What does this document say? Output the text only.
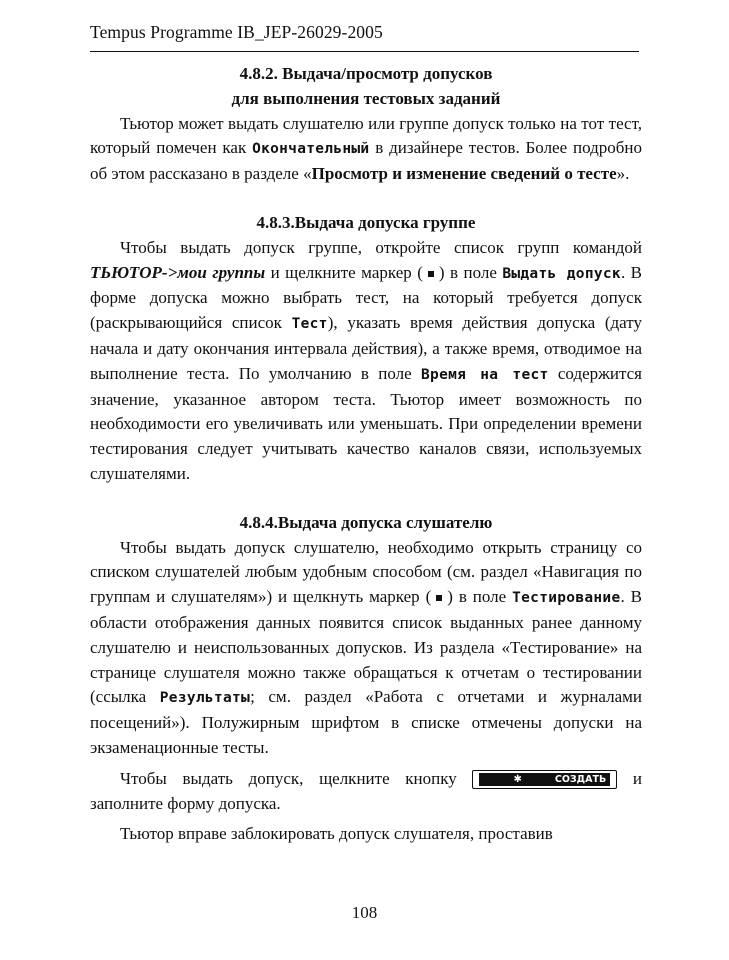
Tempus Programme IB_JEP-26029-2005
4.8.2. Выдача/просмотр допусков
для выполнения тестовых заданий

Тьютор может выдать слушателю или группе допуск только на тот тест, который помечен как Окончательный в дизайнере тестов. Более подробно об этом рассказано в разделе «Просмотр и изменение сведений о тесте».

4.8.3.Выдача допуска группе

Чтобы выдать допуск группе, откройте список групп командой ТЬЮТОР->мои группы и щелкните маркер ( ) в поле Выдать допуск. В форме допуска можно выбрать тест, на который требуется допуск (раскрывающийся список Тест), указать время действия допуска (дату начала и дату окончания интервала действия), а также время, отводимое на выполнение теста. По умолчанию в поле Время на тест содержится значение, указанное автором теста. Тьютор имеет возможность по необходимости его увеличивать или уменьшать. При определении времени тестирования следует учитывать качество каналов связи, используемых слушателями.

4.8.4.Выдача допуска слушателю

Чтобы выдать допуск слушателю, необходимо открыть страницу со списком слушателей любым удобным способом (см. раздел «Навигация по группам и слушателям») и щелкнуть маркер ( ) в поле Тестирование. В области отображения данных появится список выданных ранее данному слушателю и неиспользованных допусков. Из раздела «Тестирование» на странице слушателя можно также обращаться к отчетам о тестировании (ссылка Результаты; см. раздел «Работа с отчетами и журналами посещений»). Полужирным шрифтом в списке отмечены допуски на экзаменационные тесты.

Чтобы выдать допуск, щелкните кнопку	✱	СОЗДАТЬ и заполните форму допуска.

Тьютор вправе заблокировать допуск слушателя, проставив

108
